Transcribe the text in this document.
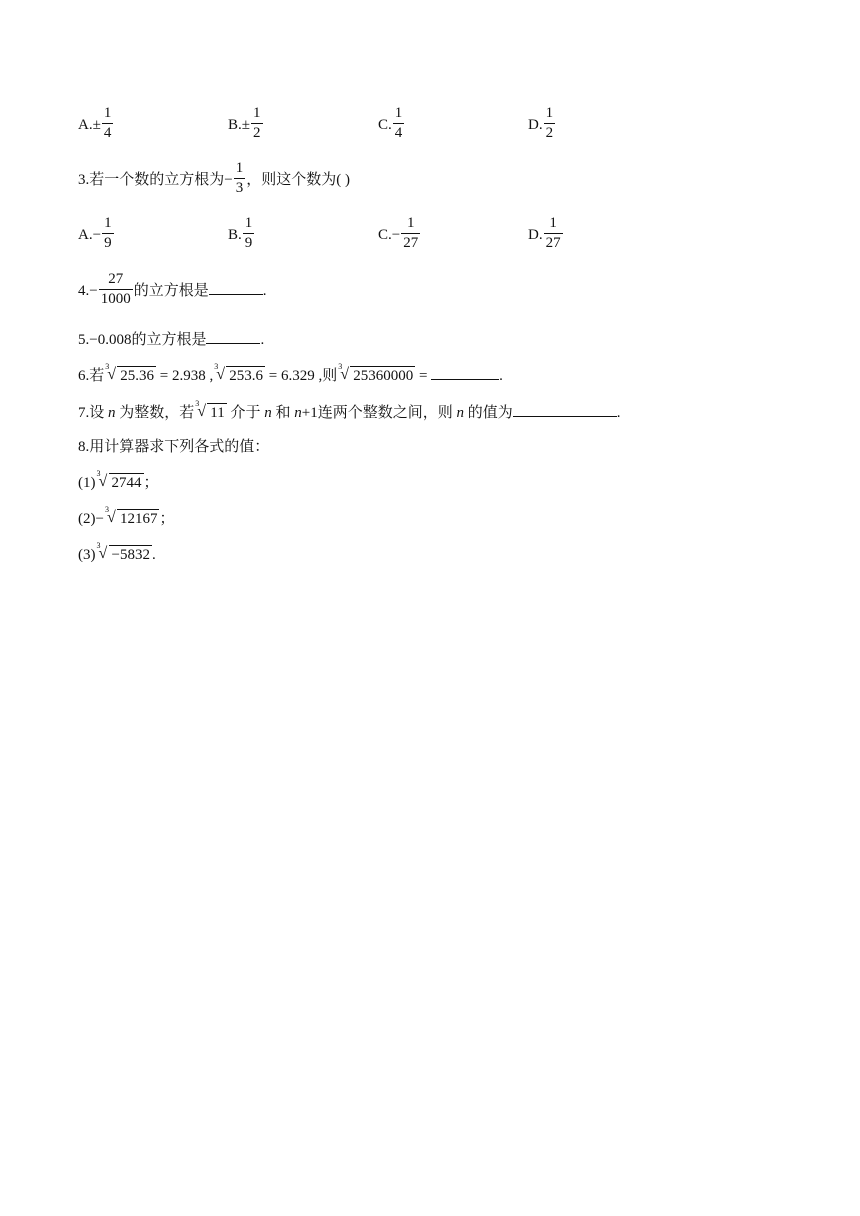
$A.\pm \frac{1}{4}$	$B.\pm \frac{1}{2}$	C. $\frac{1}{4}$	D. $\frac{1}{2}$
3.若一个数的立方根为− $\frac{1}{3}$ ，则这个数为( )
$A.- \frac{1}{9}$	B. $\frac{1}{9}$	$C.- \frac{1}{27}$	D. $\frac{1}{27}$
$4.- \frac{27}{1000}$ 的立方根是	.
5.−0.008的立方根是	.
6.若
3
√ 25.36 = 2.938 ,
3
√ 253.6 = 6.329 ,则
3
√ 25360000 =	.
7.设 n 为整数，若
3
√ 11 介于 n 和 n+1连两个整数之间，则 n 的值为	.
8.用计算器求下列各式的值：
(1)
3
√ 2744 ；
(2)−
3
√ 12167 ；
(3)
3
√ −5832 .
